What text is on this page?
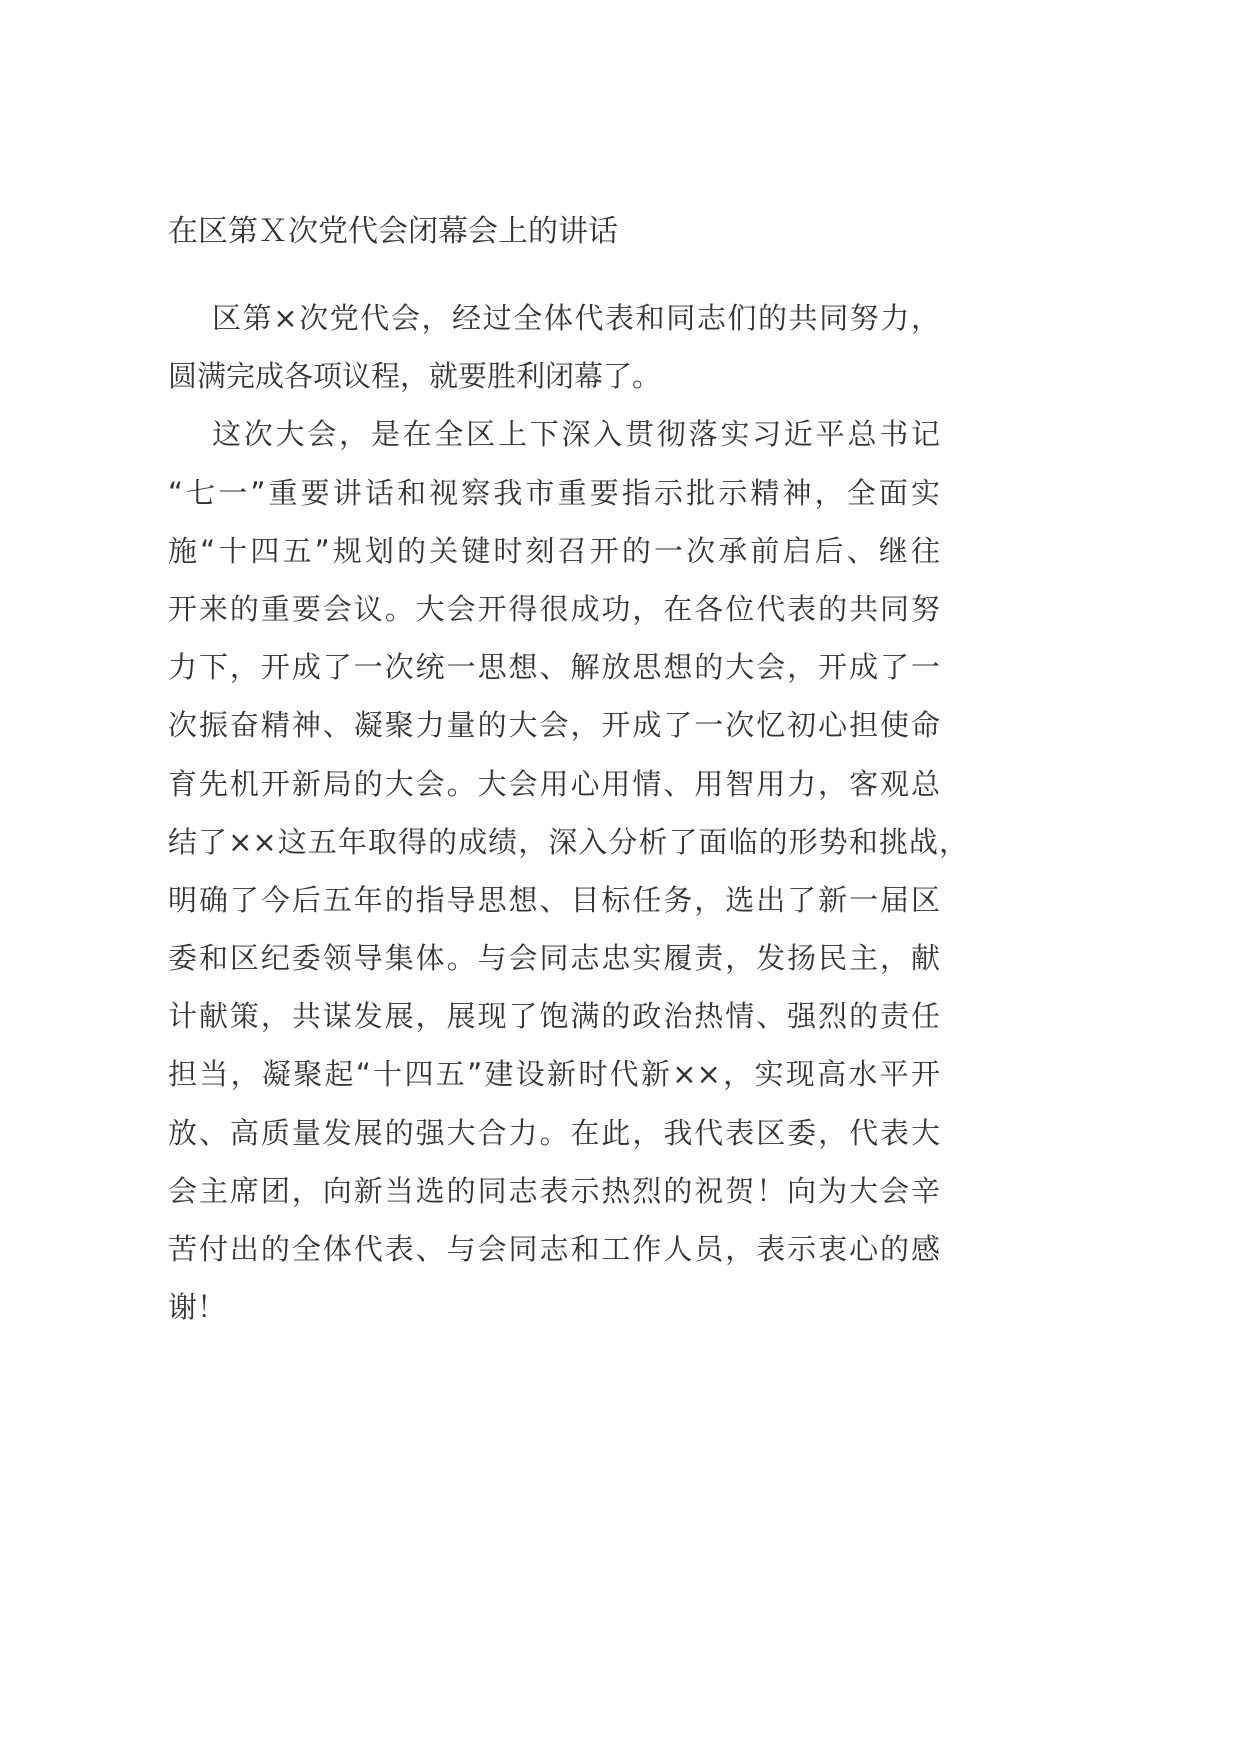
在区第Ｘ次党代会闭幕会上的讲话
区第×次党代会，经过全体代表和同志们的共同努力，
圆满完成各项议程，就要胜利闭幕了。
这次大会，是在全区上下深入贯彻落实习近平总书记
“七一”重要讲话和视察我市重要指示批示精神，全面实
施“十四五”规划的关键时刻召开的一次承前启后、继往
开来的重要会议。大会开得很成功，在各位代表的共同努
力下，开成了一次统一思想、解放思想的大会，开成了一
次振奋精神、凝聚力量的大会，开成了一次忆初心担使命
育先机开新局的大会。大会用心用情、用智用力，客观总
结了××这五年取得的成绩，深入分析了面临的形势和挑战，
明确了今后五年的指导思想、目标任务，选出了新一届区
委和区纪委领导集体。与会同志忠实履责，发扬民主，献
计献策，共谋发展，展现了饱满的政治热情、强烈的责任
担当，凝聚起“十四五”建设新时代新××，实现高水平开
放、高质量发展的强大合力。在此，我代表区委，代表大
会主席团，向新当选的同志表示热烈的祝贺！向为大会辛
苦付出的全体代表、与会同志和工作人员，表示衷心的感
谢！
